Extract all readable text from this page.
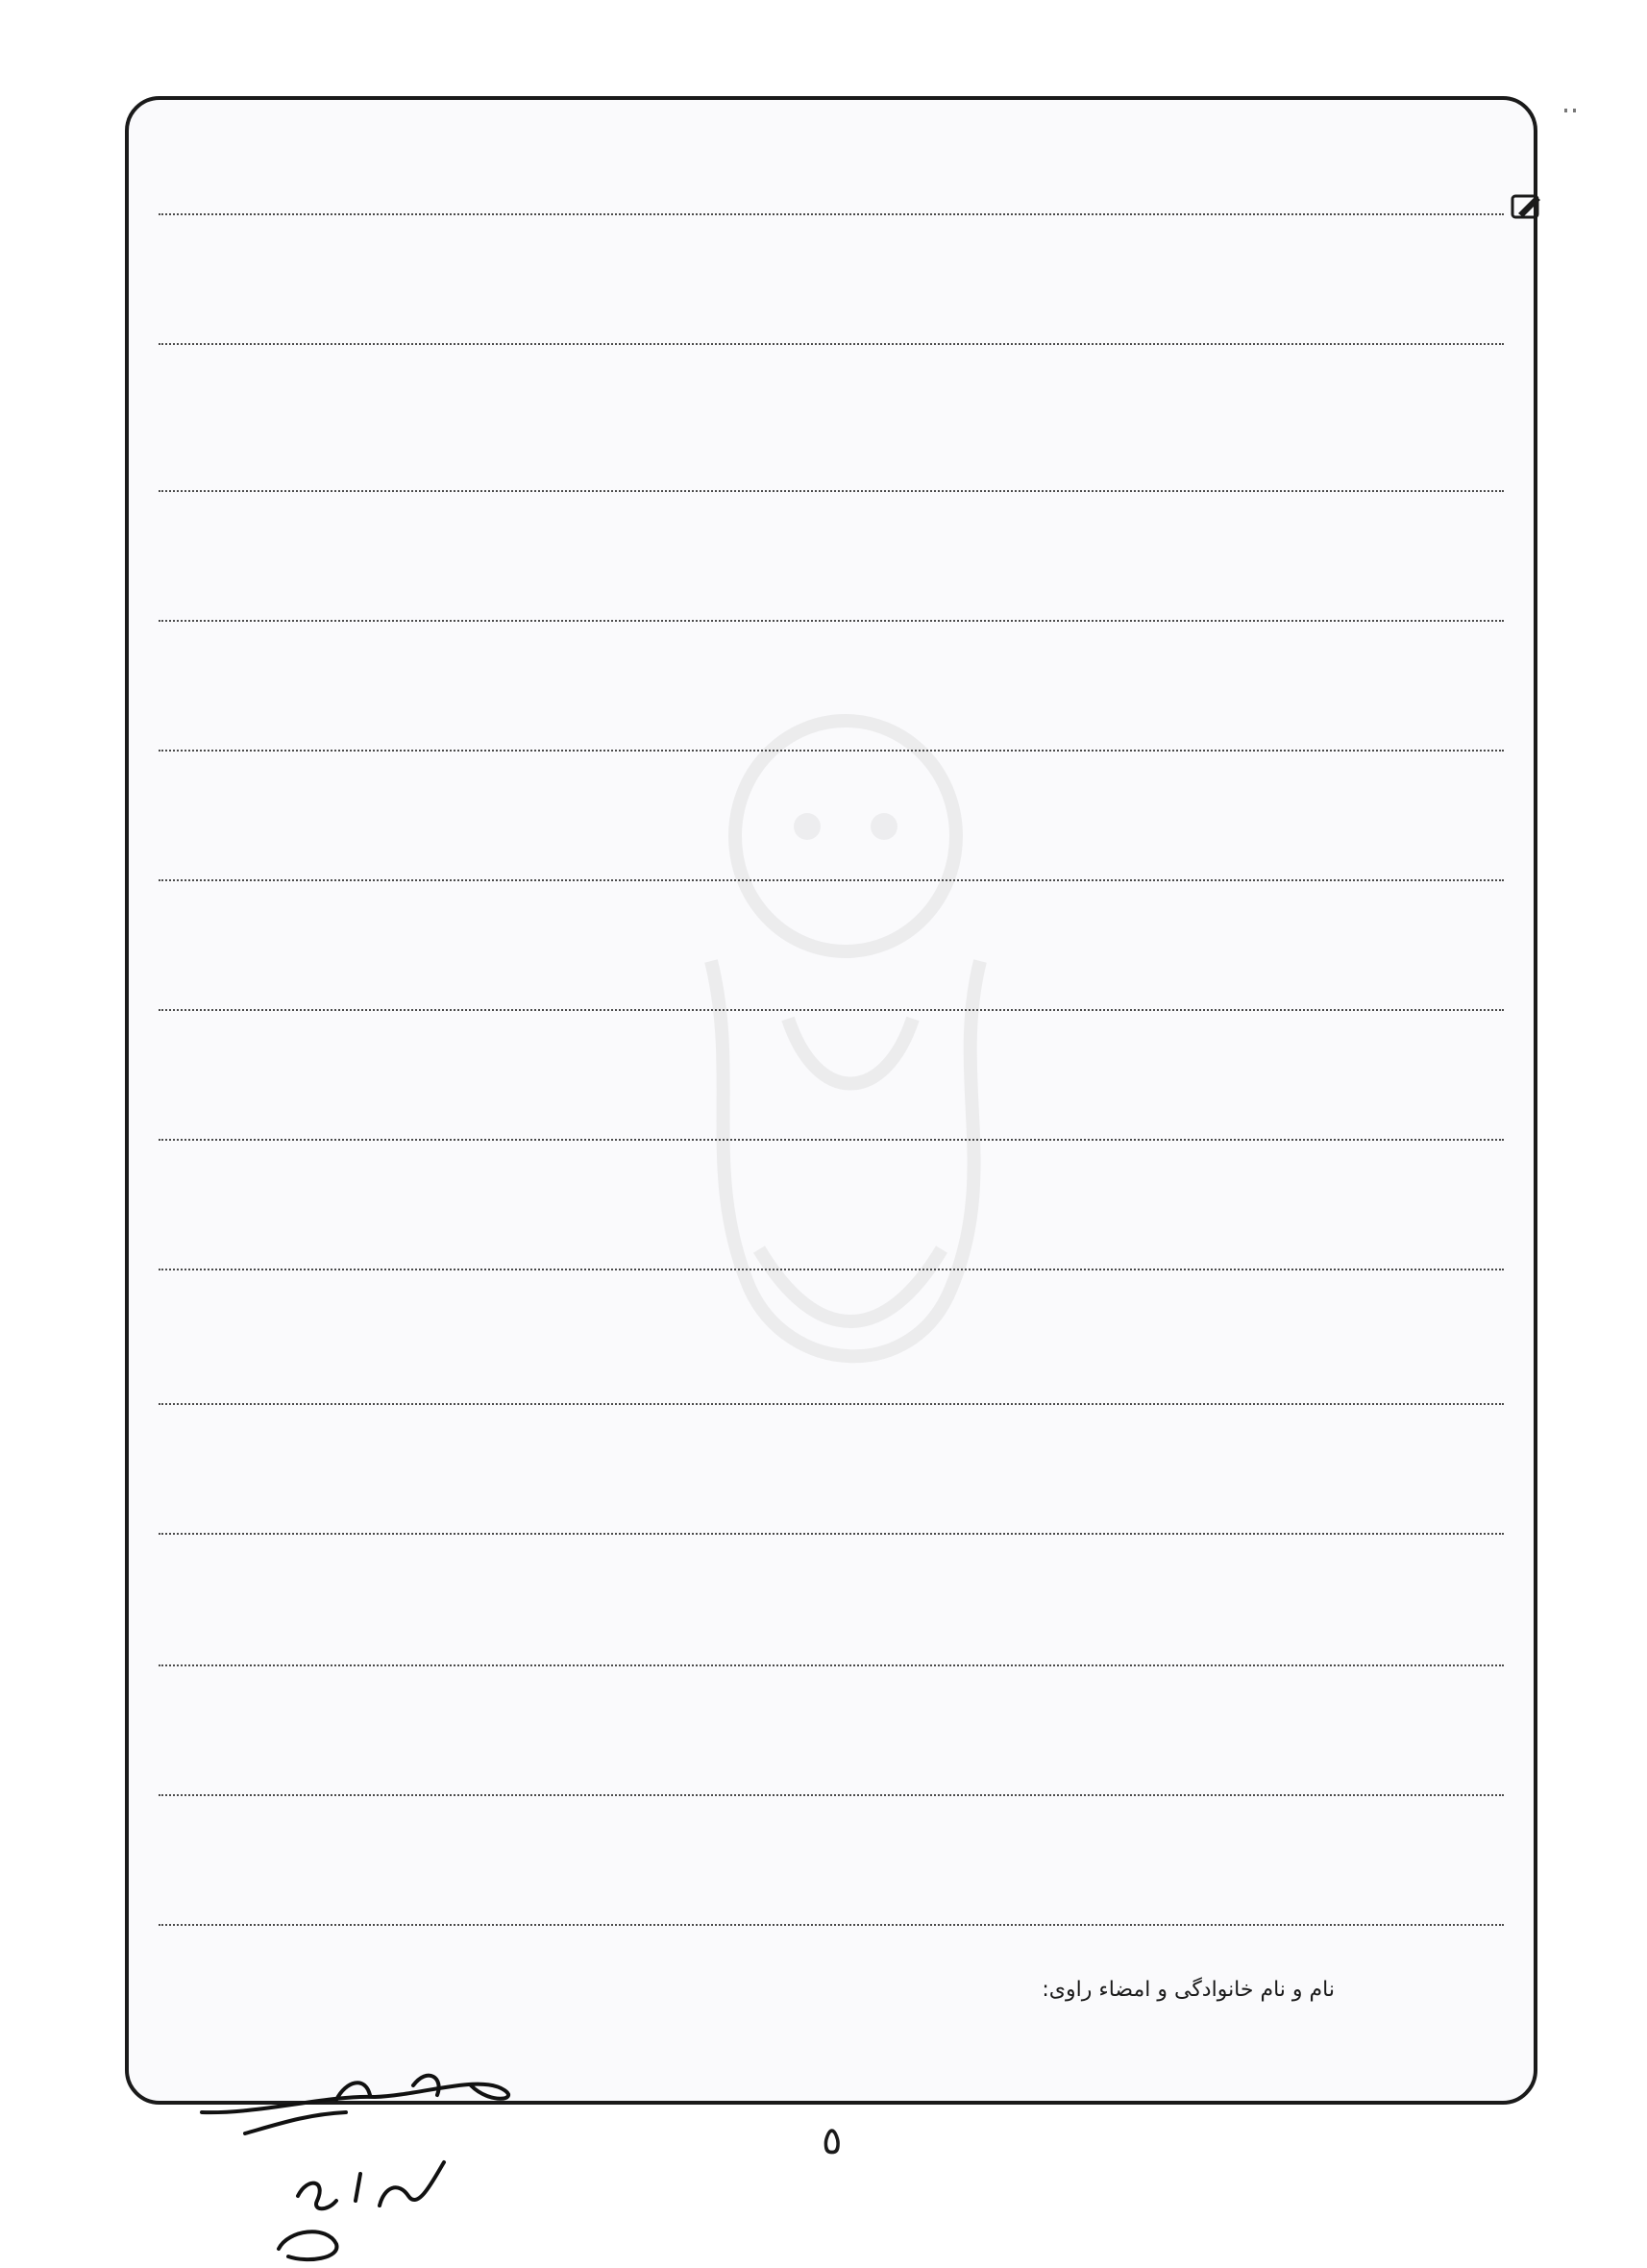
نام و نام خانوادگی و امضاء راوی:
٥
